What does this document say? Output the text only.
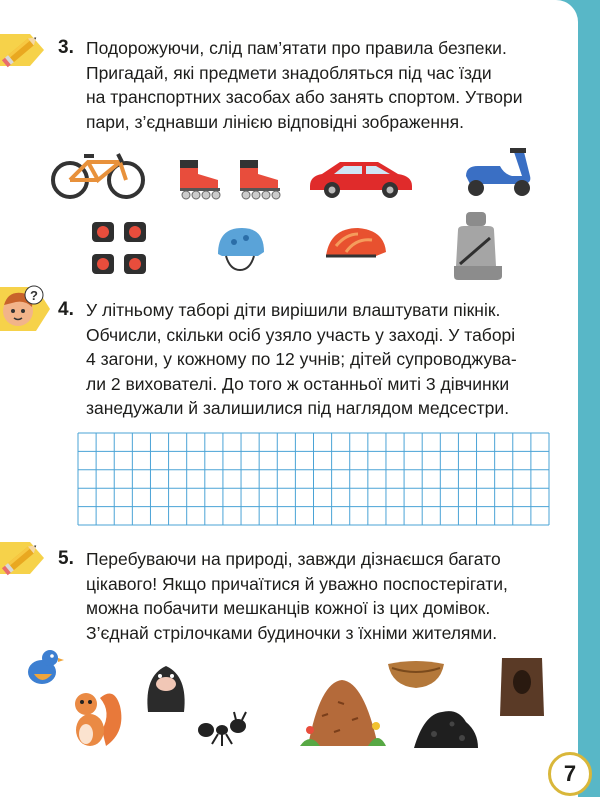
3. Подорожуючи, слід пам’ятати про правила безпеки.
Пригадай, які предмети знадобляться під час їзди
на транспортних засобах або занять спортом. Утвори
пари, з’єднавши лінією відповідні зображення.
?
4. У літньому таборі діти вирішили влаштувати пікнік.
Обчисли, скільки осіб узяло участь у заході. У таборі
4 загони, у кожному по 12 учнів; дітей супроводжува-
ли 2 вихователі. До того ж останньої миті 3 дівчинки
занедужали й залишилися під наглядом медсестри.
5. Перебуваючи на природі, завжди дізнаєшся багато
цікавого! Якщо причаїтися й уважно поспостерігати,
можна побачити мешканців кожної із цих домівок.
З’єднай стрілочками будиночки з їхніми жителями.
7
